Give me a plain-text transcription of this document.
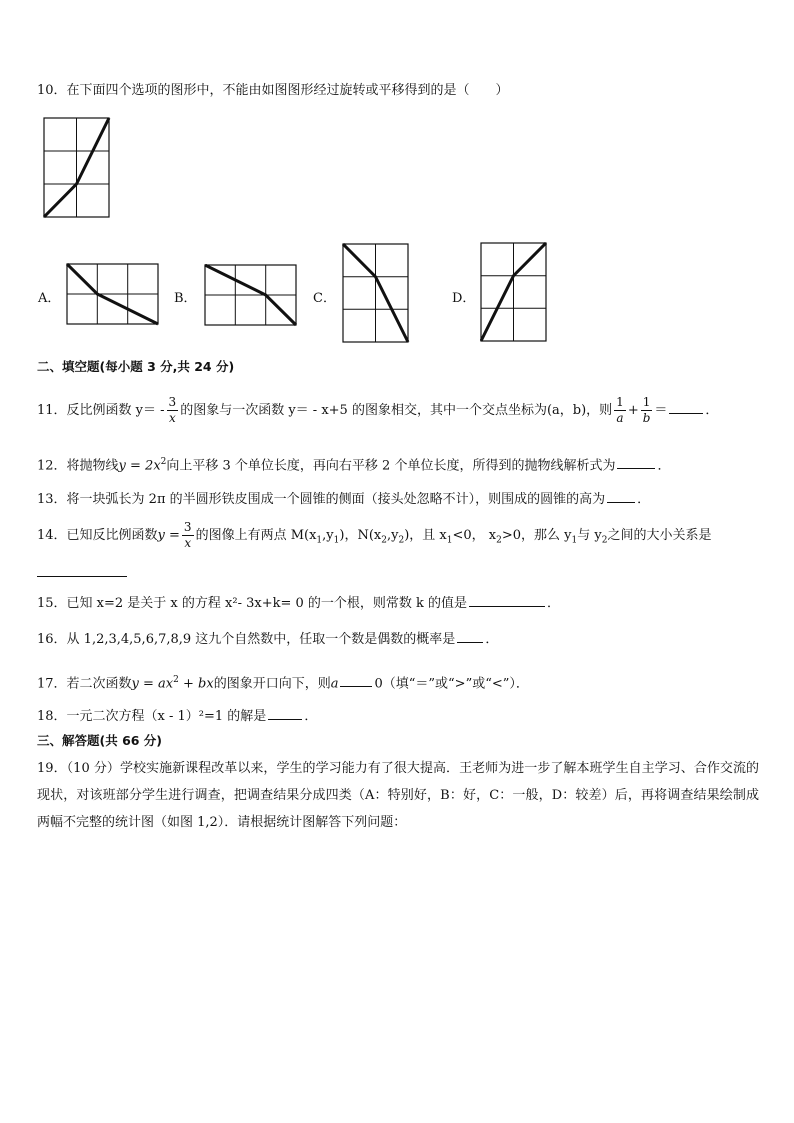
10．在下面四个选项的图形中，不能由如图图形经过旋转或平移得到的是（　　）
A．	B．	C．	D．
二、填空题(每小题 3 分,共 24 分)
11．反比例函数 $y= - \frac{3}{x}$ 的图象与一次函数 y＝ - x+5 的图象相交，其中一个交点坐标为(a，b)，则 $\frac{1}{a} + \frac{1}{b}$ ＝	．
12．将抛物线$y = 2x^2$向上平移 3 个单位长度，再向右平移 2 个单位长度，所得到的抛物线解析式为	．
13．将一块弧长为 2π 的半圆形铁皮围成一个圆锥的侧面（接头处忽略不计），则围成的圆锥的高为 ．
14．已知反比例函数$y = \frac{3}{x}$ 的图像上有两点 $M(x_1,y_1)$，$N(x_2,y_2)$，且 $x_1<0$， $x_2>0$，那么 $y_1$与 $y_2$之间的大小关系是
15．已知 x=2 是关于 x 的方程 x²- 3x+k= 0 的一个根，则常数 k 的值是	．
16．从 1,2,3,4,5,6,7,8,9 这九个自然数中，任取一个数是偶数的概率是 ．
17．若二次函数$y = ax^2$ + bx的图象开口向下，则a	0（填“＝”或“>”或“<”）．
18．一元二次方程（x - 1）²=1 的解是	．
三、解答题(共 66 分)
19．（10 分）学校实施新课程改革以来，学生的学习能力有了很大提高．王老师为进一步了解本班学生自主学习、合作交流的现状，对该班部分学生进行调查，把调查结果分成四类（A：特别好，B：好，C：一般，D：较差）后，再将调查结果绘制成两幅不完整的统计图（如图 1,2）．请根据统计图解答下列问题：
